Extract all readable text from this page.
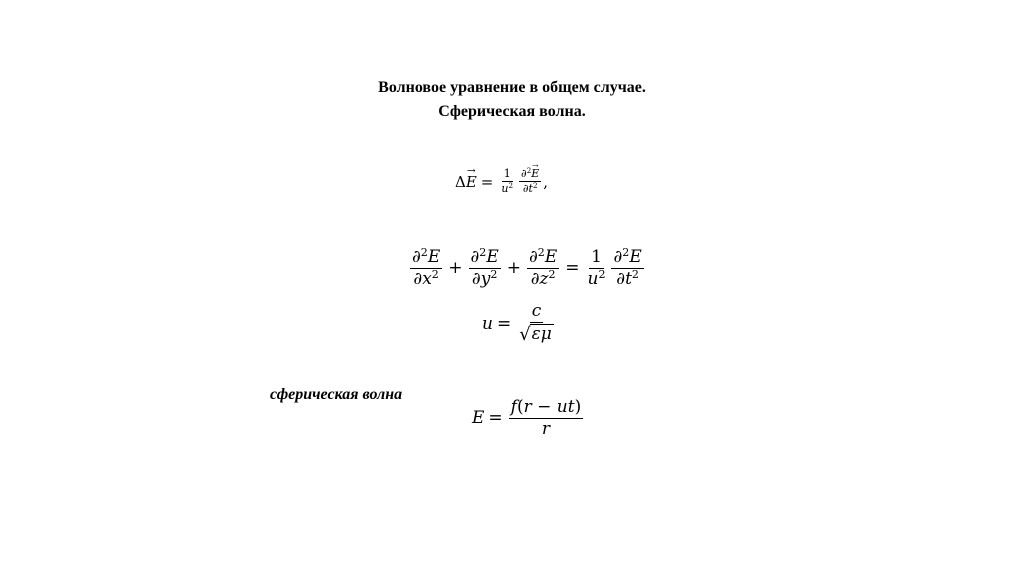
Волновое уравнение в общем случае.
Сферическая волна.
Δ
→ $E = \frac{1}{u^2} \frac{\partial^2\to E}{\partial t^2}$ ,
$\frac{\partial^2E}{\partial x^2} + \frac{\partial^2E}{\partial y^2} + \frac{\partial^2E}{\partial z^2} = \frac{1}{u^2} \frac{\partial^2E}{\partial t^2}$
$u = \frac{c}{√ \varepsilon\mu}$
сферическая волна
$E = \frac{f(r - ut)}{r}$
